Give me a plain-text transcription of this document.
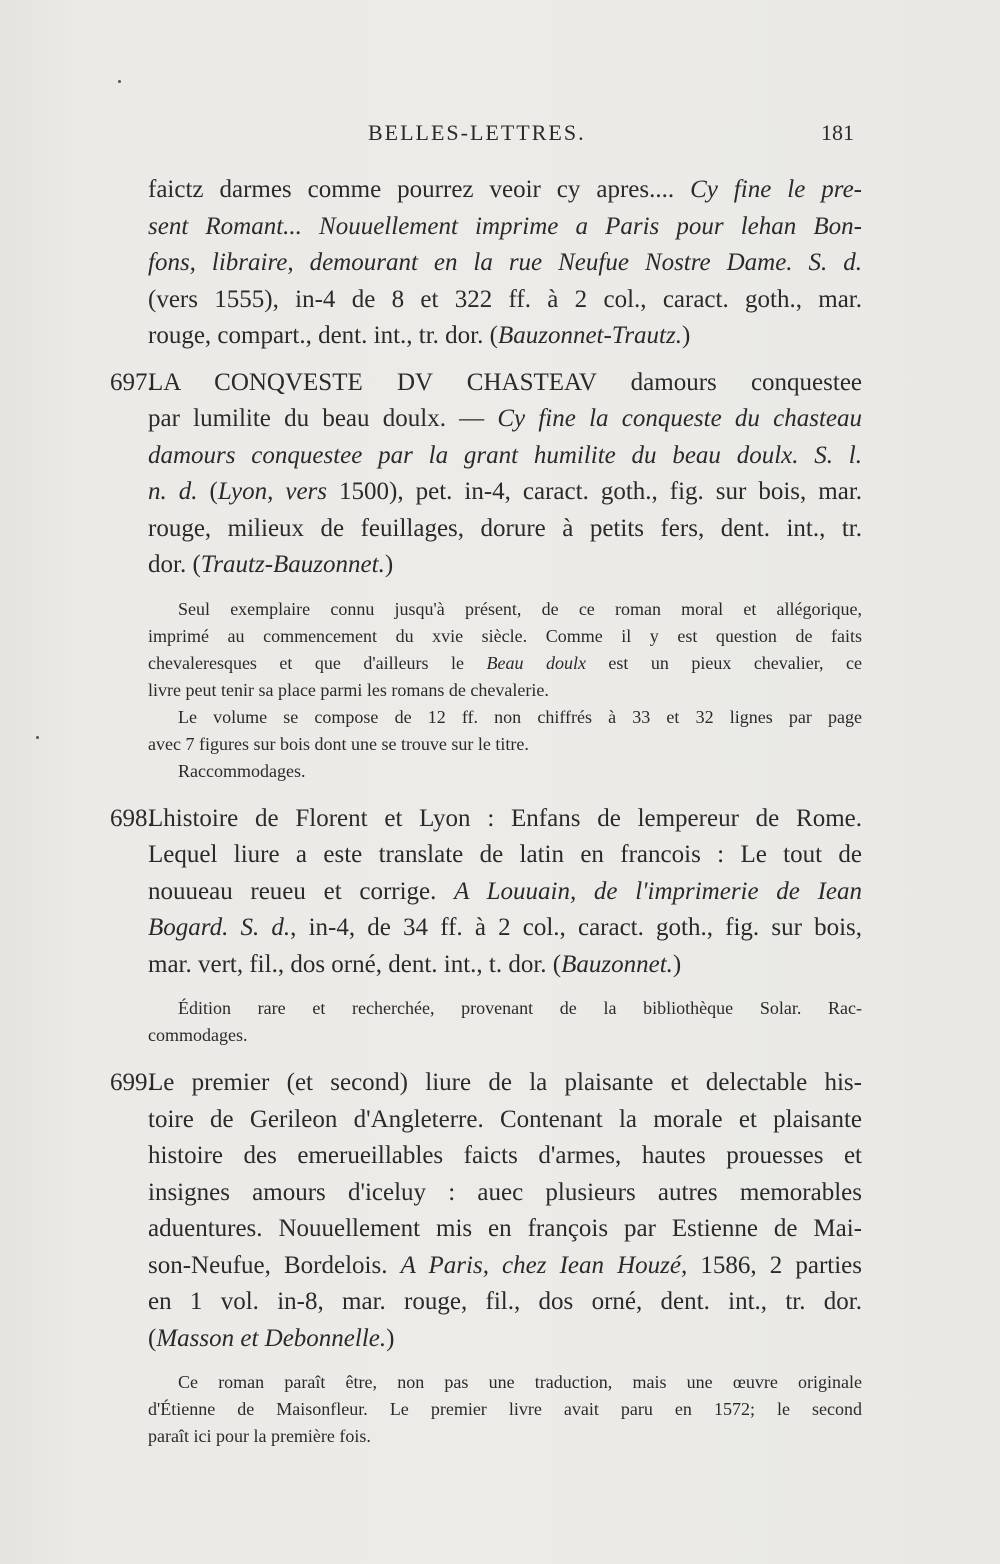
BELLES-LETTRES.	181
faictz darmes comme pourrez veoir cy apres.... Cy fine le pre-
sent Romant... Nouuellement imprime a Paris pour lehan Bon-
fons, libraire, demourant en la rue Neufue Nostre Dame. S. d.
(vers 1555), in-4 de 8 et 322 ff. à 2 col., caract. goth., mar.
rouge, compart., dent. int., tr. dor. (Bauzonnet-Trautz.)
697.LA CONQVESTE DV CHASTEAV damours conquestee
par lumilite du beau doulx. — Cy fine la conqueste du chasteau
damours conquestee par la grant humilite du beau doulx. S. l.
n. d. (Lyon, vers 1500), pet. in-4, caract. goth., fig. sur bois, mar.
rouge, milieux de feuillages, dorure à petits fers, dent. int., tr.
dor. (Trautz-Bauzonnet.)
Seul exemplaire connu jusqu'à présent, de ce roman moral et allégorique,
imprimé au commencement du xvie siècle. Comme il y est question de faits
chevaleresques et que d'ailleurs le Beau doulx est un pieux chevalier, ce
livre peut tenir sa place parmi les romans de chevalerie.
Le volume se compose de 12 ff. non chiffrés à 33 et 32 lignes par page
avec 7 figures sur bois dont une se trouve sur le titre.
Raccommodages.
698.Lhistoire de Florent et Lyon : Enfans de lempereur de Rome.
Lequel liure a este translate de latin en francois : Le tout de
nouueau reueu et corrige. A Louuain, de l'imprimerie de Iean
Bogard. S. d., in-4, de 34 ff. à 2 col., caract. goth., fig. sur bois,
mar. vert, fil., dos orné, dent. int., t. dor. (Bauzonnet.)
Édition rare et recherchée, provenant de la bibliothèque Solar. Rac-
commodages.
699.Le premier (et second) liure de la plaisante et delectable his-
toire de Gerileon d'Angleterre. Contenant la morale et plaisante
histoire des emerueillables faicts d'armes, hautes prouesses et
insignes amours d'iceluy : auec plusieurs autres memorables
aduentures. Nouuellement mis en françois par Estienne de Mai-
son-Neufue, Bordelois. A Paris, chez Iean Houzé, 1586, 2 parties
en 1 vol. in-8, mar. rouge, fil., dos orné, dent. int., tr. dor.
(Masson et Debonnelle.)
Ce roman paraît être, non pas une traduction, mais une œuvre originale
d'Étienne de Maisonfleur. Le premier livre avait paru en 1572; le second
paraît ici pour la première fois.
